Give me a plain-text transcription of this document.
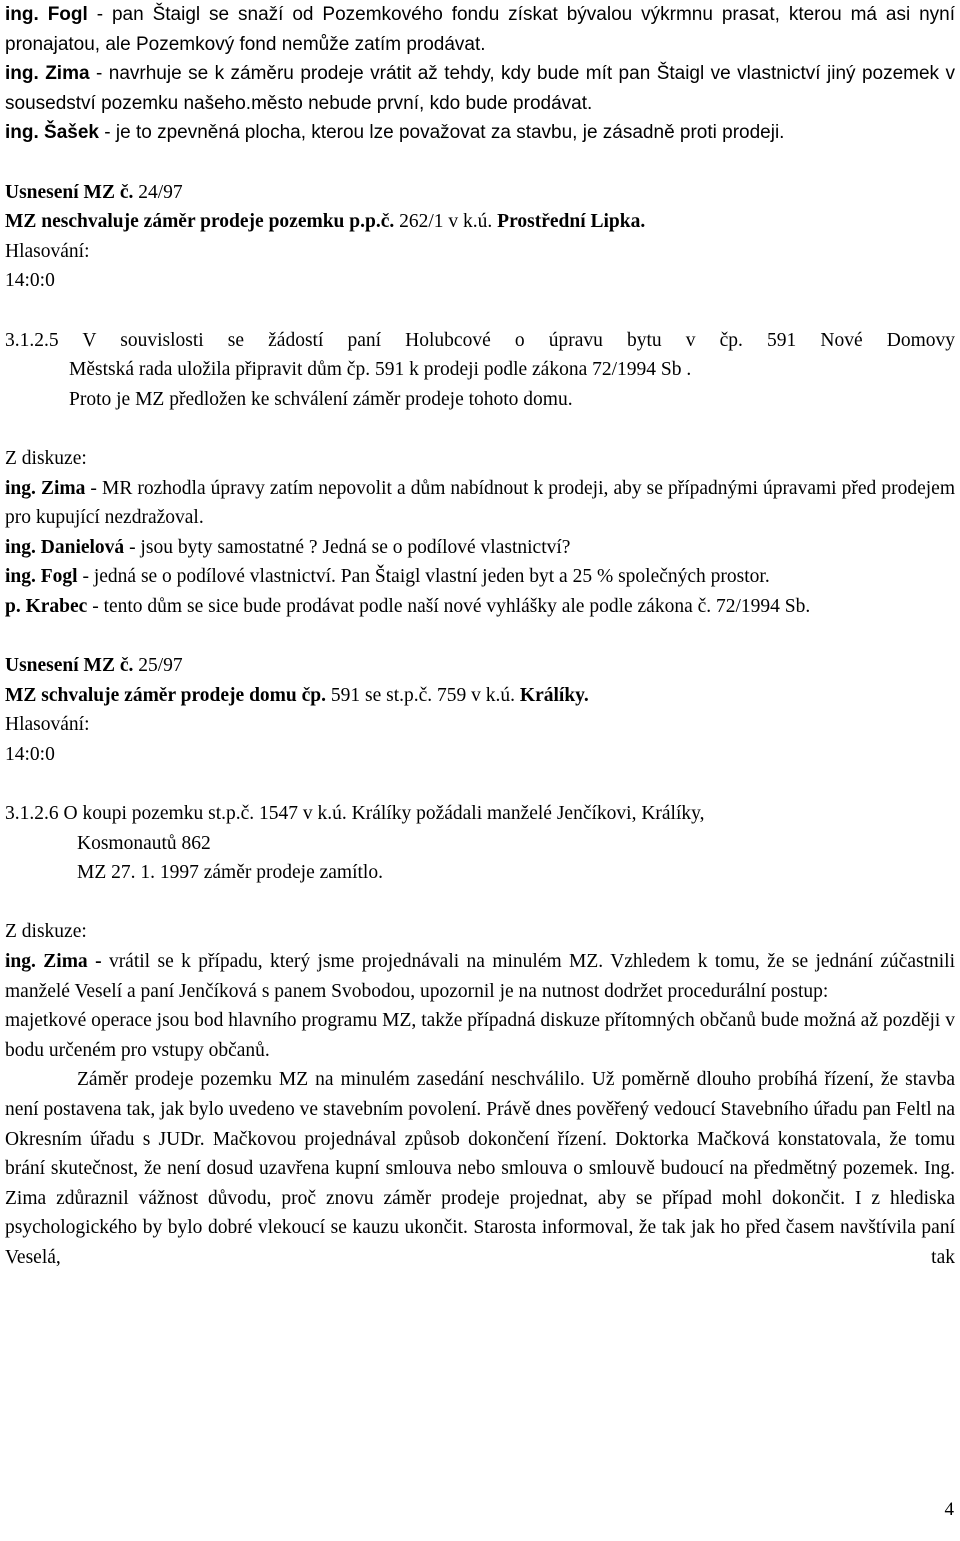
ing. Fogl - pan Štaigl se snaží od Pozemkového fondu získat bývalou výkrmnu prasat, kterou má asi nyní pronajatou, ale Pozemkový fond nemůže zatím prodávat.

ing. Zima - navrhuje se k záměru prodeje vrátit až tehdy, kdy bude mít pan Štaigl ve vlastnictví jiný pozemek v sousedství pozemku našeho.město nebude první, kdo bude prodávat.

ing. Šašek - je to zpevněná plocha, kterou lze považovat za stavbu, je zásadně proti prodeji.

Usnesení MZ č. 24/97

MZ neschvaluje záměr prodeje pozemku p.p.č. 262/1 v k.ú. Prostřední Lipka.

Hlasování:

14:0:0

3.1.2.5 V souvislosti se žádostí paní Holubcové o úpravu bytu v čp. 591 Nové Domovy

Městská rada uložila připravit dům čp. 591 k prodeji podle zákona 72/1994 Sb .

Proto je MZ předložen ke schválení záměr prodeje tohoto domu.

Z diskuze:

ing. Zima - MR rozhodla úpravy zatím nepovolit a dům nabídnout k prodeji, aby se případnými úpravami před prodejem pro kupující nezdražoval.

ing. Danielová - jsou byty samostatné ? Jedná se o podílové vlastnictví?

ing. Fogl - jedná se o podílové vlastnictví. Pan Štaigl vlastní jeden byt a 25 % společných prostor.

p. Krabec - tento dům se sice bude prodávat podle naší nové vyhlášky ale podle zákona č. 72/1994 Sb.

Usnesení MZ č. 25/97

MZ schvaluje záměr prodeje domu čp. 591 se st.p.č. 759 v k.ú. Králíky.

Hlasování:

14:0:0

3.1.2.6 O koupi pozemku st.p.č. 1547 v k.ú. Králíky požádali manželé Jenčíkovi, Králíky,

Kosmonautů 862

MZ 27. 1. 1997 záměr prodeje zamítlo.

Z diskuze:

ing. Zima - vrátil se k případu, který jsme projednávali na minulém MZ. Vzhledem k tomu, že se jednání zúčastnili manželé Veselí a paní Jenčíková s panem Svobodou, upozornil je na nutnost dodržet procedurální postup:

majetkové operace jsou bod hlavního programu MZ, takže případná diskuze přítomných občanů bude možná až později v bodu určeném pro vstupy občanů.

Záměr prodeje pozemku MZ na minulém zasedání neschválilo. Už poměrně dlouho probíhá řízení, že stavba není postavena tak, jak bylo uvedeno ve stavebním povolení. Právě dnes pověřený vedoucí Stavebního úřadu pan Feltl na Okresním úřadu s JUDr. Mačkovou projednával způsob dokončení řízení. Doktorka Mačková konstatovala, že tomu brání skutečnost, že není dosud uzavřena kupní smlouva nebo smlouva o smlouvě budoucí na předmětný pozemek. Ing. Zima zdůraznil vážnost důvodu, proč znovu záměr prodeje projednat, aby se případ mohl dokončit. I z hlediska psychologického by bylo dobré vlekoucí se kauzu ukončit. Starosta informoval, že tak jak ho před časem navštívila paní Veselá, tak

4
